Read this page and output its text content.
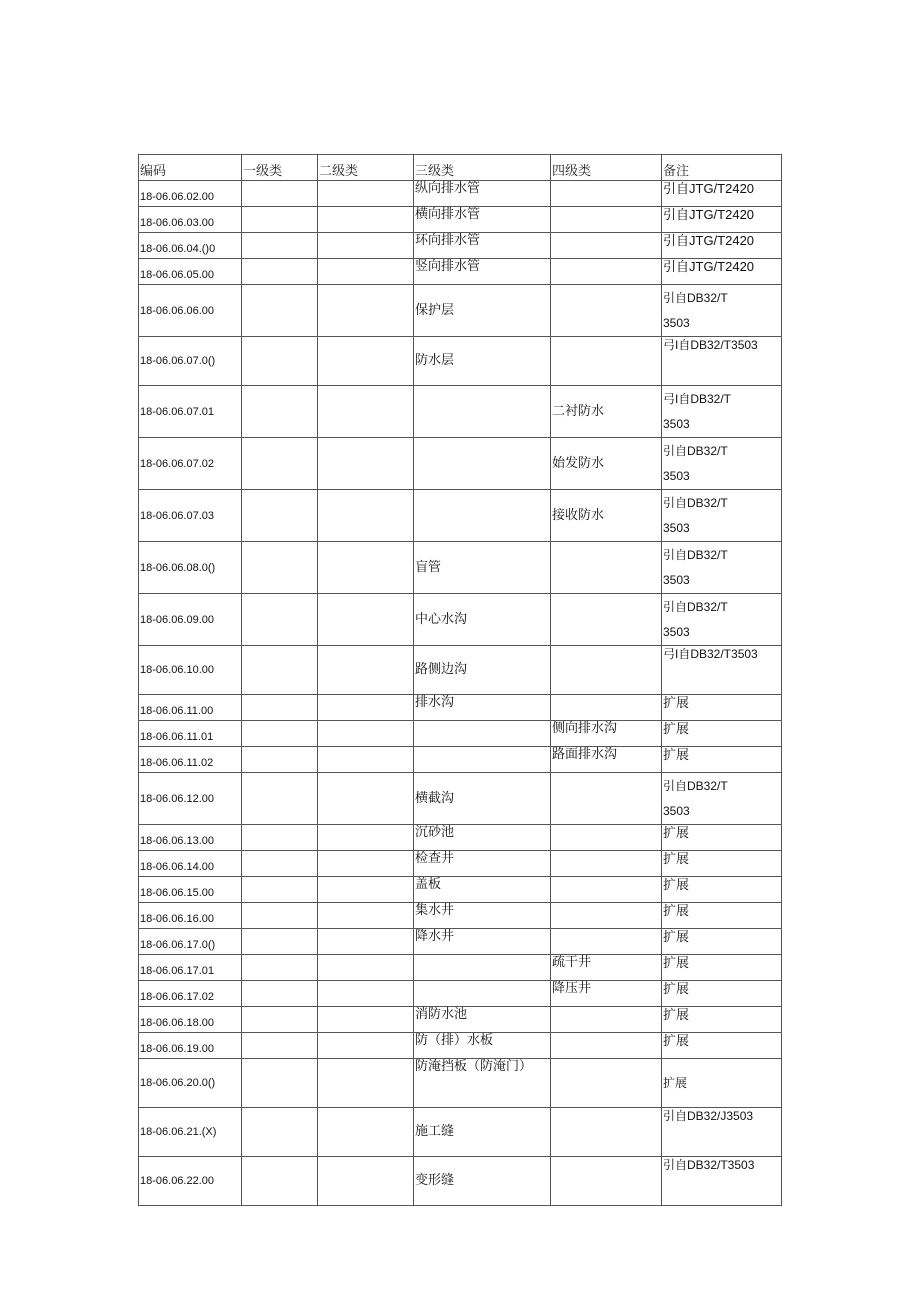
编码	一级类	二级类	三级类	四级类	备注
18-06.06.02.00			纵向排水管		引自JTG/T2420
18-06.06.03.00			横向排水管		引自JTG/T2420
18-06.06.04.()0			环向排水管		引自JTG/T2420
18-06.06.05.00			竖向排水管		引自JTG/T2420
18-06.06.06.00			保护层		引自DB32/T
3503

18-06.06.07.0()			防水层		弓I自DB32/T3503
18-06.06.07.01				二衬防水	弓I自DB32/T
3503

18-06.06.07.02				始发防水	引自DB32/T
3503

18-06.06.07.03				接收防水	引自DB32/T
3503

18-06.06.08.0()			盲管		引自DB32/T
3503

18-06.06.09.00			中心水沟		引自DB32/T
3503

18-06.06.10.00			路侧边沟		弓I自DB32/T3503
18-06.06.11.00			排水沟		扩展
18-06.06.11.01				侧向排水沟	扩展
18-06.06.11.02				路面排水沟	扩展
18-06.06.12.00			横截沟		引自DB32/T
3503

18-06.06.13.00			沉砂池		扩展
18-06.06.14.00			检查井		扩展
18-06.06.15.00			盖板		扩展
18-06.06.16.00			集水井		扩展
18-06.06.17.0()			降水井		扩展
18-06.06.17.01				疏干井	扩展
18-06.06.17.02				降压井	扩展
18-06.06.18.00			消防水池		扩展
18-06.06.19.00			防（排）水板		扩展
18-06.06.20.0()			防淹挡板（防淹门）		扩展
18-06.06.21.(X)			施工缝		引自DB32/J3503
18-06.06.22.00			变形缝		引自DB32/T3503
